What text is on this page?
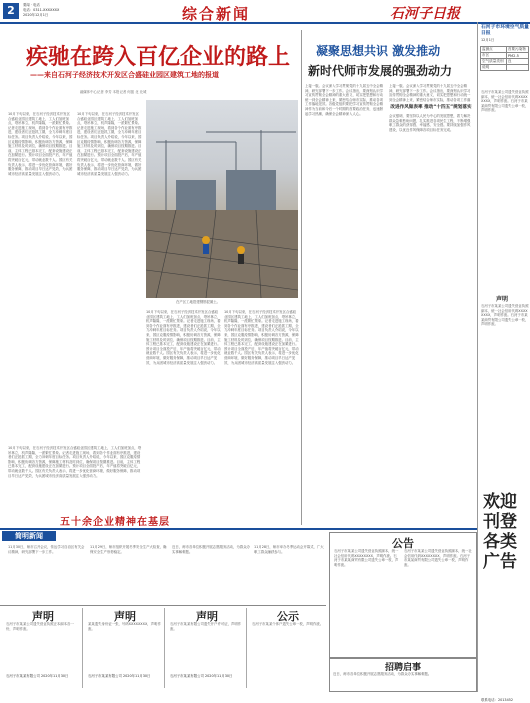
2	要闻 · 电话
电话：0311-XXXXXXX
2020年12月1日	综合新闻	石河子日报
石河子市环境空气质量日报
12月1日
监测点	首要污染物
市区	PM2.5
空气质量类别	良
说明	
石河子市某某公司遗失营业执照副本，统一社会信用代码XXXXXXXX，声明作废。石河子市某某商贸有限公司遗失公章一枚，声明作废。
声明
石河子市某某公司遗失营业执照副本，统一社会信用代码XXXXXXXX，声明作废。石河子市某某商贸有限公司遗失公章一枚，声明作废。
欢迎刊登各类广告
联系电话：2013452
疾驰在跨入百亿企业的路上
——来自石河子经济技术开发区合盛硅业园区建筑工地的报道
融媒体中心记者 李芳 本报记者 何振 北 北城
10月下旬以来，在石河子经济技术开发区合盛硅业园区建筑工地上，工人们加班加点，塔吊林立，机声隆隆，一派繁忙景象。记者走进施工现场，看到各个作业面有序推进，建设者们正抢抓工期，全力冲刺年度目标任务。项目负责人介绍说，今年以来，园区克服疫情影响，积极协调各方资源，保障施工材料及时到位，确保项目按期推进。目前，主体工程已基本完工，配套设施建设正在加紧进行。预计项目全面投产后，年产值将突破百亿元，带动就业数千人。园区有关负责人表示，将进一步优化营商环境，做好服务保障，推动项目早日达产见效，为兵团城市经济高质量发展注入强劲动力。
10月下旬以来，在石河子经济技术开发区合盛硅业园区建筑工地上，工人们加班加点，塔吊林立，机声隆隆，一派繁忙景象。记者走进施工现场，看到各个作业面有序推进，建设者们正抢抓工期，全力冲刺年度目标任务。项目负责人介绍说，今年以来，园区克服疫情影响，积极协调各方资源，保障施工材料及时到位，确保项目按期推进。目前，主体工程已基本完工，配套设施建设正在加紧进行。预计项目全面投产后，年产值将突破百亿元，带动就业数千人。园区有关负责人表示，将进一步优化营商环境，做好服务保障，推动项目早日达产见效，为兵团城市经济高质量发展注入强劲动力。
在产区工地搭建钢筋混凝土。
10月下旬以来，在石河子经济技术开发区合盛硅业园区建筑工地上，工人们加班加点，塔吊林立，机声隆隆，一派繁忙景象。记者走进施工现场，看到各个作业面有序推进，建设者们正抢抓工期，全力冲刺年度目标任务。项目负责人介绍说，今年以来，园区克服疫情影响，积极协调各方资源，保障施工材料及时到位，确保项目按期推进。目前，主体工程已基本完工，配套设施建设正在加紧进行。预计项目全面投产后，年产值将突破百亿元，带动就业数千人。园区有关负责人表示，将进一步优化营商环境，做好服务保障，推动项目早日达产见效，为兵团城市经济高质量发展注入强劲动力。
10月下旬以来，在石河子经济技术开发区合盛硅业园区建筑工地上，工人们加班加点，塔吊林立，机声隆隆，一派繁忙景象。记者走进施工现场，看到各个作业面有序推进，建设者们正抢抓工期，全力冲刺年度目标任务。项目负责人介绍说，今年以来，园区克服疫情影响，积极协调各方资源，保障施工材料及时到位，确保项目按期推进。目前，主体工程已基本完工，配套设施建设正在加紧进行。预计项目全面投产后，年产值将突破百亿元，带动就业数千人。园区有关负责人表示，将进一步优化营商环境，做好服务保障，推动项目早日达产见效，为兵团城市经济高质量发展注入强劲动力。
10月下旬以来，在石河子经济技术开发区合盛硅业园区建筑工地上，工人们加班加点，塔吊林立，机声隆隆，一派繁忙景象。记者走进施工现场，看到各个作业面有序推进，建设者们正抢抓工期，全力冲刺年度目标任务。项目负责人介绍说，今年以来，园区克服疫情影响，积极协调各方资源，保障施工材料及时到位，确保项目按期推进。目前，主体工程已基本完工，配套设施建设正在加紧进行。预计项目全面投产后，年产值将突破百亿元，带动就业数千人。园区有关负责人表示，将进一步优化营商环境，做好服务保障，推动项目早日达产见效，为兵团城市经济高质量发展注入强劲动力。
五十余企业精神在基层
凝聚思想共识 激发推动
新时代师市发展的强劲动力
上接一版。会议深入学习贯彻党的十九届五中全会精神，研究部署下一步工作。会议指出，要深刻认识学习宣传贯彻全会精神的重大意义，切实把思想和行动统一到全会精神上来，紧密结合师市实际，推动各项工作落地见效。各级党组织要把学习宣传贯彻全会精神作为当前和今后一个时期的首要政治任务，迅速掀起学习热潮，确保全会精神深入人心。
上接一版。会议深入学习贯彻党的十九届五中全会精神，研究部署下一步工作。会议指出，要深刻认识学习宣传贯彻全会精神的重大意义，切实把思想和行动统一到全会精神上来，紧密结合师市实际，推动各项工作落
改进作风做表率 推动“十四五”规划落实
会议强调，要坚持以人民为中心的发展思想，着力解决群众急难愁盼问题，扎实推进各项民生工程，不断增强职工群众的获得感、幸福感、安全感。要持续加强作风建设，以优良作风保障各项目标任务完成。
简明新闻
11月30日，师市召开会议，传达学习自治区有关会议精神，研究部署下一步工作。
11月29日，师市组织开展冬季安全生产大检查，确保安全生产形势稳定。
近日，师市各单位积极开展志愿服务活动，为群众办实事解难题。
11月28日，师市举办冬季运动会开幕式，广大职工群众踊跃参与。
公告
石河子市某某公司遗失营业执照副本，统一社会信用代码XXXXXXXX，声明作废。石河子市某某商贸有限公司遗失公章一枚，声明作废。
石河子市某某公司遗失营业执照副本，统一社会信用代码XXXXXXXX，声明作废。石河子市某某商贸有限公司遗失公章一枚，声明作废。
声明
石河子市某某公司遗失营业执照正本副本各一份，声明作废。
石河子市某某有限公司 2020年11月30日
声明
某某遗失身份证一张，号码XXXXXXXX，声明作废。
石河子市某某有限公司 2020年11月30日
声明
石河子市某某有限公司遗失开户许可证，声明作废。
石河子市某某有限公司 2020年11月30日
公示
石河子市某某个体户遗失公章一枚，声明作废。
招聘启事
近日，师市各单位积极开展志愿服务活动，为群众办实事解难题。
